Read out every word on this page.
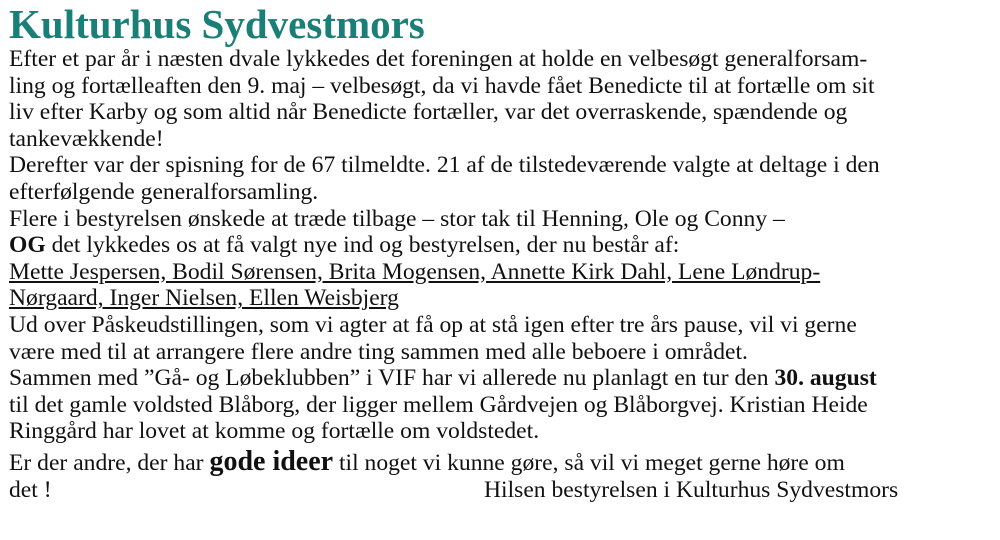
Kulturhus Sydvestmors

Efter et par år i næsten dvale lykkedes det foreningen at holde en velbesøgt generalforsam-

ling og fortælleaften den 9. maj – velbesøgt, da vi havde fået Benedicte til at fortælle om sit

liv efter Karby og som altid når Benedicte fortæller, var det overraskende, spændende og

tankevækkende!

Derefter var der spisning for de 67 tilmeldte. 21 af de tilstedeværende valgte at deltage i den

efterfølgende generalforsamling.

Flere i bestyrelsen ønskede at træde tilbage – stor tak til Henning, Ole og Conny –

OG det lykkedes os at få valgt nye ind og bestyrelsen, der nu består af:

Mette Jespersen, Bodil Sørensen, Brita Mogensen, Annette Kirk Dahl, Lene Løndrup-

Nørgaard, Inger Nielsen, Ellen Weisbjerg

Ud over Påskeudstillingen, som vi agter at få op at stå igen efter tre års pause, vil vi gerne

være med til at arrangere flere andre ting sammen med alle beboere i området.

Sammen med ”Gå- og Løbeklubben” i VIF har vi allerede nu planlagt en tur den 30. august

til det gamle voldsted Blåborg, der ligger mellem Gårdvejen og Blåborgvej. Kristian Heide

Ringgård har lovet at komme og fortælle om voldstedet.

Er der andre, der har gode ideer til noget vi kunne gøre, så vil vi meget gerne høre om

det !	Hilsen bestyrelsen i Kulturhus Sydvestmors
